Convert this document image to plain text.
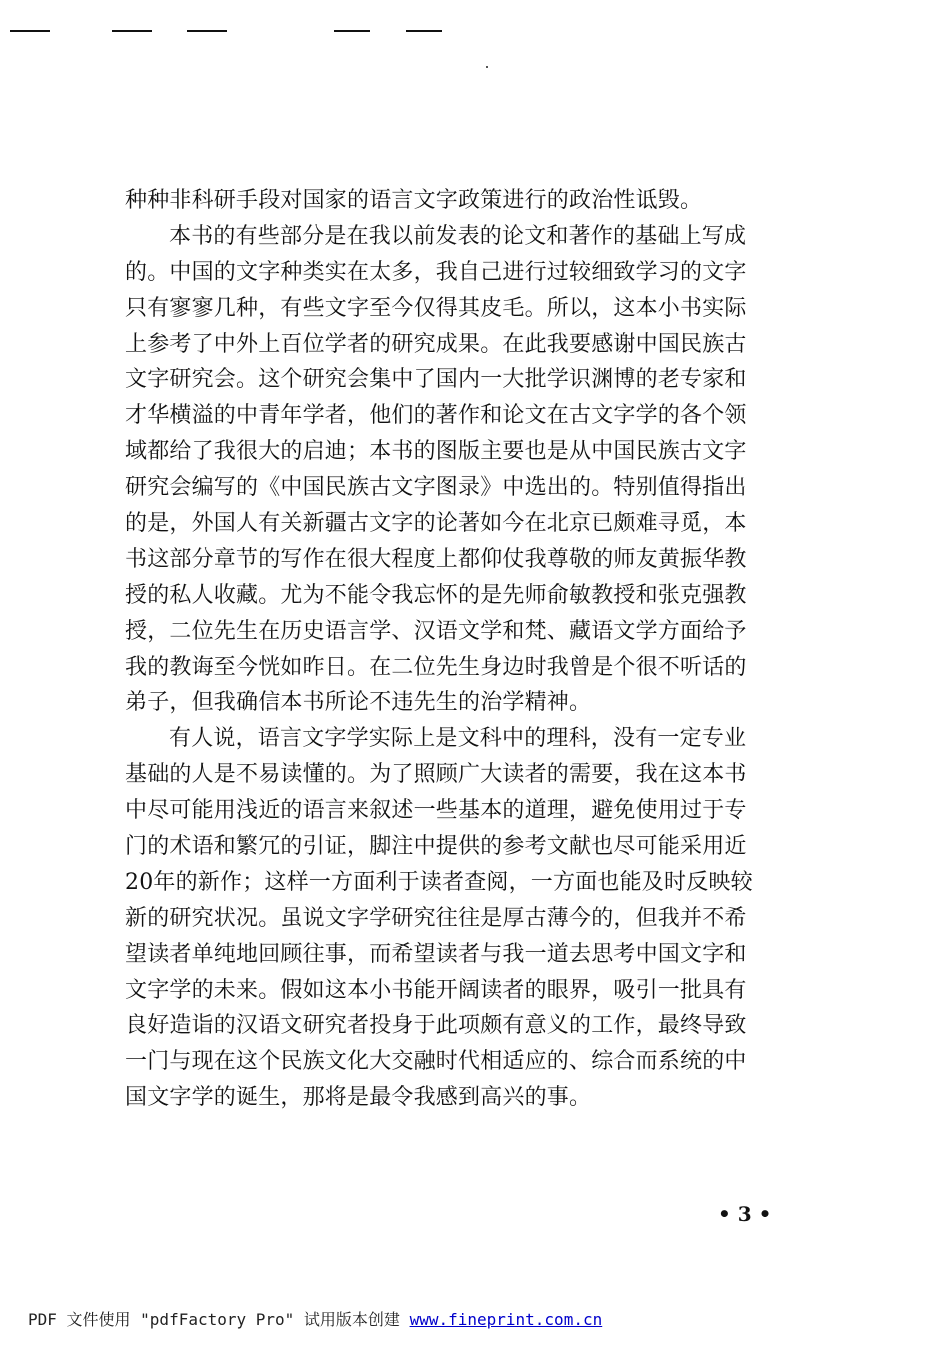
种种非科研手段对国家的语言文字政策进行的政治性诋毁。
本书的有些部分是在我以前发表的论文和著作的基础上写成
的。中国的文字种类实在太多，我自己进行过较细致学习的文字
只有寥寥几种，有些文字至今仅得其皮毛。所以，这本小书实际
上参考了中外上百位学者的研究成果。在此我要感谢中国民族古
文字研究会。这个研究会集中了国内一大批学识渊博的老专家和
才华横溢的中青年学者，他们的著作和论文在古文字学的各个领
域都给了我很大的启迪；本书的图版主要也是从中国民族古文字
研究会编写的《中国民族古文字图录》中选出的。特别值得指出
的是，外国人有关新疆古文字的论著如今在北京已颇难寻觅，本
书这部分章节的写作在很大程度上都仰仗我尊敬的师友黄振华教
授的私人收藏。尤为不能令我忘怀的是先师俞敏教授和张克强教
授，二位先生在历史语言学、汉语文学和梵、藏语文学方面给予
我的教诲至今恍如昨日。在二位先生身边时我曾是个很不听话的
弟子，但我确信本书所论不违先生的治学精神。
有人说，语言文字学实际上是文科中的理科，没有一定专业
基础的人是不易读懂的。为了照顾广大读者的需要，我在这本书
中尽可能用浅近的语言来叙述一些基本的道理，避免使用过于专
门的术语和繁冗的引证，脚注中提供的参考文献也尽可能采用近
20年的新作；这样一方面利于读者查阅，一方面也能及时反映较
新的研究状况。虽说文字学研究往往是厚古薄今的，但我并不希
望读者单纯地回顾往事，而希望读者与我一道去思考中国文字和
文字学的未来。假如这本小书能开阔读者的眼界，吸引一批具有
良好造诣的汉语文研究者投身于此项颇有意义的工作，最终导致
一门与现在这个民族文化大交融时代相适应的、综合而系统的中
国文字学的诞生，那将是最令我感到高兴的事。
• 3 •
PDF 文件使用 "pdfFactory Pro" 试用版本创建 www.fineprint.com.cn
